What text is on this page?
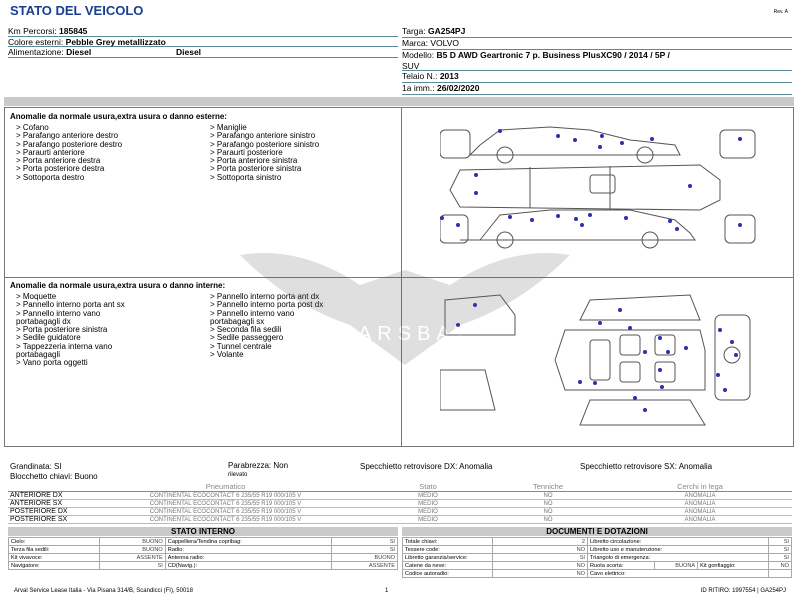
STATO DEL VEICOLO	Rev. A
Km Percorsi: 185845
Colore esterni: Pebble Grey metallizzato
Alimentazione: Diesel	Diesel
Targa: GA254PJ
Marca: VOLVO
Modello: B5 D AWD Geartronic 7 p. Business PlusXC90 / 2014 / 5P /
SUV
Telaio N.: 2013
1a imm.: 26/02/2020
Anomalie da normale usura,extra usura o danno esterne:
> Cofano
> Parafango anteriore destro
> Parafango posteriore destro
> Paraurti anteriore
> Porta anteriore destra
> Porta posteriore destra
> Sottoporta destro
> Maniglie
> Parafango anteriore sinistro
> Parafango posteriore sinistro
> Paraurti posteriore
> Porta anteriore sinistra
> Porta posteriore sinistra
> Sottoporta sinistro
Anomalie da normale usura,extra usura o danno interne:
> Moquette
> Pannello interno porta ant sx
> Pannello interno vano
portabagagli dx
> Porta posteriore sinistra
> Sedile guidatore
> Tappezzeria interna vano
portabagagli
> Vano porta oggetti
> Pannello interno porta ant dx
> Pannello interno porta post dx
> Pannello interno vano
portabagagli sx
> Seconda fila sedili
> Sedile passeggero
> Tunnel centrale
> Volante
CARSBAT
Grandinata: SI	Parabrezza: Non
rilevato
Specchietto retrovisore DX: Anomalia	Specchietto retrovisore SX: Anomalia
Blocchetto chiavi: Buono
	Pneumatico	Stato	Tenniche	Cerchi in lega
ANTERIORE DX	CONTINENTAL ECOCONTACT 6 235/55 R19 000/105 V	MEDIO	NO	ANOMALIA
ANTERIORE SX	CONTINENTAL ECOCONTACT 6 235/55 R19 000/105 V	MEDIO	NO	ANOMALIA
POSTERIORE DX	CONTINENTAL ECOCONTACT 6 235/55 R19 000/105 V	MEDIO	NO	ANOMALIA
POSTERIORE SX	CONTINENTAL ECOCONTACT 6 235/55 R19 000/105 V	MEDIO	NO	ANOMALIA
STATO INTERNO
Cielo:	BUONO	Cappelliera/Tendina copribag:	SI
Terza fila sedili:	BUONO	Radio:	SI
Kit vivavoce:	ASSENTE	Antenna radio:	BUONO
Navigatore:	SI	CD(Navig.):	ASSENTE
DOCUMENTI E DOTAZIONI
Totale chiavi:	2	Libretto circolazione:			SI
Tessere code:	NO	Libretto uso e manutenzione:			SI
Libretto garanzia/service:	SI	Triangolo di emergenza:			SI
Catene da neve:	NO	Ruota scorta:	BUONA	Kit gonfiaggio:	NO
Codice autoradio:	NO	Cavo elettrico:			
Arval Service Lease Italia - Via Pisana 314/B, Scandicci (FI), 50018	1	ID RITIRO: 1997554 | GA254PJ
